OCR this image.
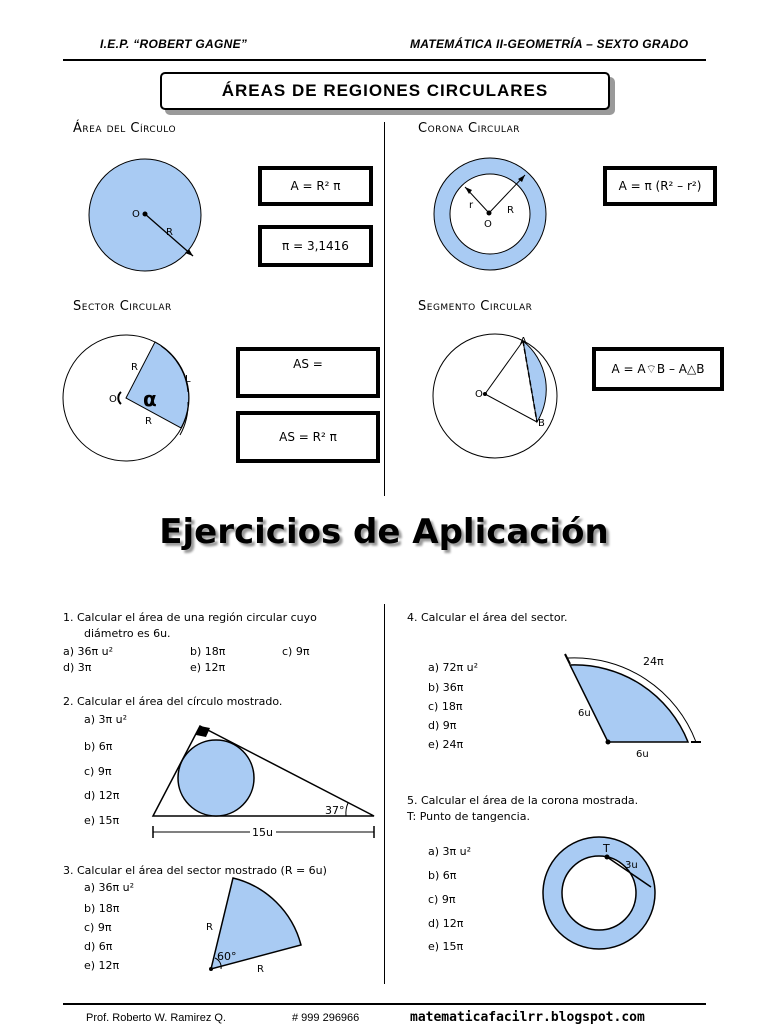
I.E.P. “ROBERT GAGNE”	MATEMÁTICA II-GEOMETRÍA – SEXTO GRADO
ÁREAS DE REGIONES CIRCULARES
Área del Círculo
O
R
A = R² π
π = 3,1416
Corona Circular
O
r	R
A = π (R² – r²)
Sector Circular
O
R
R
L
α
AS =
AS = R² π
Segmento Circular
O
A
B
A = A⌔B – A△B
Ejercicios de Aplicación
1. Calcular el área de una región circular cuyo
diámetro es 6u.
a) 36π u²	b) 18π	c) 9π
d) 3π	e) 12π
2. Calcular el área del círculo mostrado.
a) 3π u²
b) 6π
c) 9π
d) 12π
e) 15π
37°
15u
3. Calcular el área del sector mostrado (R = 6u)
a) 36π u²
b) 18π
c) 9π
d) 6π
e) 12π
R
R
60°
4. Calcular el área del sector.
a) 72π u²
b) 36π
c) 18π
d) 9π
e) 24π
24π
6u
6u
5. Calcular el área de la corona mostrada.
T: Punto de tangencia.
a) 3π u²
b) 6π
c) 9π
d) 12π
e) 15π
T
3u
Prof. Roberto W. Ramirez Q.	# 999 296966	matematicafacilrr.blogspot.com
